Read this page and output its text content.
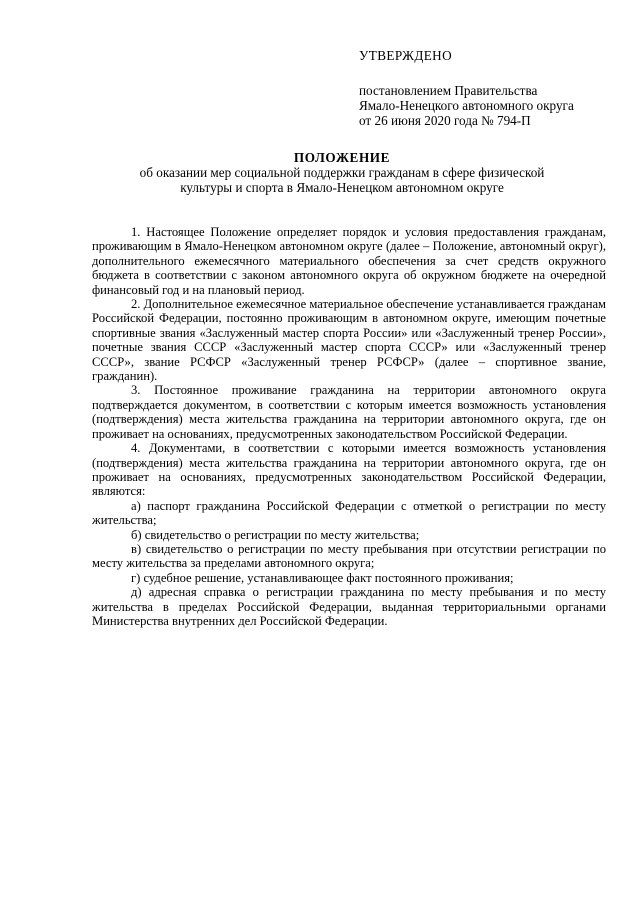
УТВЕРЖДЕНО
постановлением Правительства
Ямало-Ненецкого автономного округа
от 26 июня 2020 года № 794-П
ПОЛОЖЕНИЕ
об оказании мер социальной поддержки гражданам в сфере физической
культуры и спорта в Ямало-Ненецком автономном округе

1. Настоящее Положение определяет порядок и условия предоставления гражданам, проживающим в Ямало-Ненецком автономном округе (далее – Положение, автономный округ), дополнительного ежемесячного материального обеспечения за счет средств окружного бюджета в соответствии с законом автономного округа об окружном бюджете на очередной финансовый год и на плановый период.

2. Дополнительное ежемесячное материальное обеспечение устанавливается гражданам Российской Федерации, постоянно проживающим в автономном округе, имеющим почетные спортивные звания «Заслуженный мастер спорта России» или «Заслуженный тренер России», почетные звания СССР «Заслуженный мастер спорта СССР» или «Заслуженный тренер СССР», звание РСФСР «Заслуженный тренер РСФСР» (далее – спортивное звание, гражданин).

3. Постоянное проживание гражданина на территории автономного округа подтверждается документом, в соответствии с которым имеется возможность установления (подтверждения) места жительства гражданина на территории автономного округа, где он проживает на основаниях, предусмотренных законодательством Российской Федерации.

4. Документами, в соответствии с которыми имеется возможность установления (подтверждения) места жительства гражданина на территории автономного округа, где он проживает на основаниях, предусмотренных законодательством Российской Федерации, являются:

а) паспорт гражданина Российской Федерации с отметкой о регистрации по месту жительства;

б) свидетельство о регистрации по месту жительства;

в) свидетельство о регистрации по месту пребывания при отсутствии регистрации по месту жительства за пределами автономного округа;

г) судебное решение, устанавливающее факт постоянного проживания;

д) адресная справка о регистрации гражданина по месту пребывания и по месту жительства в пределах Российской Федерации, выданная территориальными органами Министерства внутренних дел Российской Федерации.
